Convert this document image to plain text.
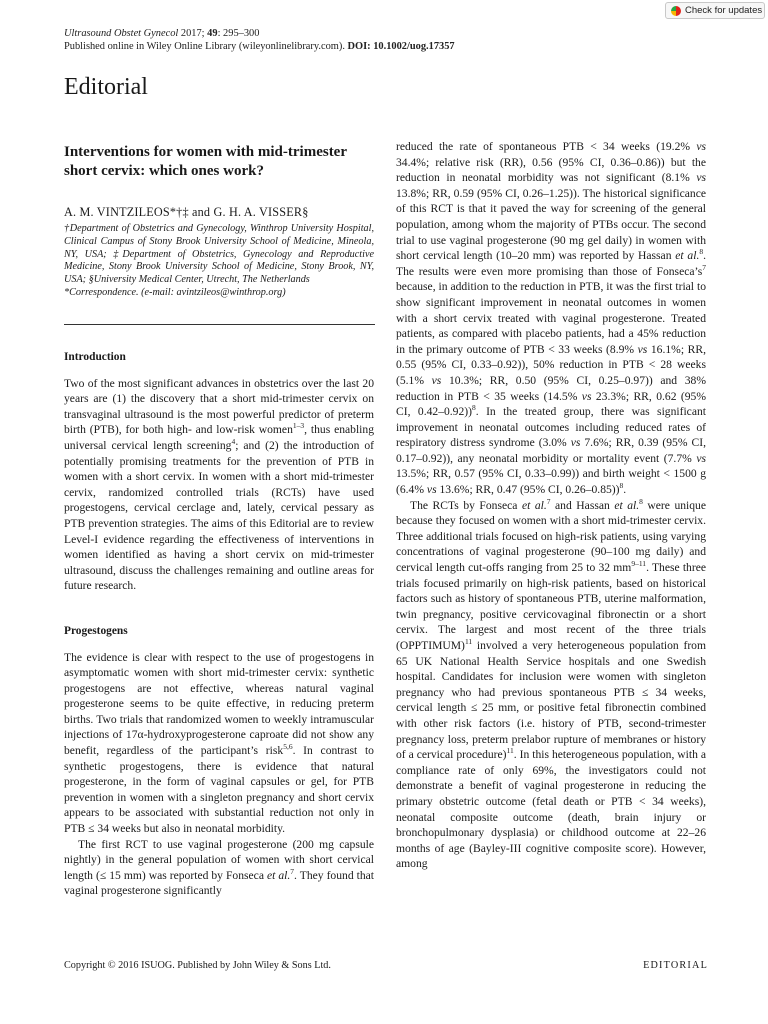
Ultrasound Obstet Gynecol 2017; 49: 295–300
Published online in Wiley Online Library (wileyonlinelibrary.com). DOI: 10.1002/uog.17357
Check for updates
Editorial
Interventions for women with mid-trimester short cervix: which ones work?
A. M. VINTZILEOS*†‡ and G. H. A. VISSER§
†Department of Obstetrics and Gynecology, Winthrop University Hospital, Clinical Campus of Stony Brook University School of Medicine, Mineola, NY, USA; ‡Department of Obstetrics, Gynecology and Reproductive Medicine, Stony Brook University School of Medicine, Stony Brook, NY, USA; §University Medical Center, Utrecht, The Netherlands
*Correspondence. (e-mail: avintzileos@winthrop.org)

Introduction

Two of the most significant advances in obstetrics over the last 20 years are (1) the discovery that a short mid-trimester cervix on transvaginal ultrasound is the most powerful predictor of preterm birth (PTB), for both high- and low-risk women$^{1-3}$, thus enabling universal cervical length screening$^4$; and (2) the introduction of potentially promising treatments for the prevention of PTB in women with a short cervix. In women with a short mid-trimester cervix, randomized controlled trials (RCTs) have used progestogens, cervical cerclage and, lately, cervical pessary as PTB prevention strategies. The aims of this Editorial are to review Level-I evidence regarding the effectiveness of interventions in women identified as having a short cervix on mid-trimester ultrasound, discuss the challenges remaining and outline areas for future research.

Progestogens

The evidence is clear with respect to the use of progestogens in asymptomatic women with short mid-trimester cervix: synthetic progestogens are not effective, whereas natural vaginal progesterone seems to be quite effective, in reducing preterm births. Two trials that randomized women to weekly intramuscular injections of 17α-hydroxyprogesterone caproate did not show any benefit, regardless of the participant’s risk$^{5,6}$. In contrast to synthetic progestogens, there is evidence that natural progesterone, in the form of vaginal capsules or gel, for PTB prevention in women with a singleton pregnancy and short cervix appears to be associated with substantial reduction not only in PTB ≤ 34 weeks but also in neonatal morbidity.

The first RCT to use vaginal progesterone (200 mg capsule nightly) in the general population of women with short cervical length (≤ 15 mm) was reported by Fonseca et al.$^7$. They found that vaginal progesterone significantly

reduced the rate of spontaneous PTB < 34 weeks (19.2% vs 34.4%; relative risk (RR), 0.56 (95% CI, 0.36–0.86)) but the reduction in neonatal morbidity was not significant (8.1% vs 13.8%; RR, 0.59 (95% CI, 0.26–1.25)). The historical significance of this RCT is that it paved the way for screening of the general population, among whom the majority of PTBs occur. The second trial to use vaginal progesterone (90 mg gel daily) in women with short cervical length (10–20 mm) was reported by Hassan et al.$^8$. The results were even more promising than those of $Fonseca’s^7$ because, in addition to the reduction in PTB, it was the first trial to show significant improvement in neonatal outcomes in women with a short cervix treated with vaginal progesterone. Treated patients, as compared with placebo patients, had a 45% reduction in the primary outcome of PTB < 33 weeks (8.9% vs 16.1%; RR, 0.55 (95% CI, 0.33–0.92)), 50% reduction in PTB < 28 weeks (5.1% vs 10.3%; RR, 0.50 (95% CI, 0.25–0.97)) and 38% reduction in PTB < 35 weeks (14.5% vs 23.3%; RR, 0.62 (95% CI, 0.42–0.92))$^8$. In the treated group, there was significant improvement in neonatal outcomes including reduced rates of respiratory distress syndrome (3.0% vs 7.6%; RR, 0.39 (95% CI, 0.17–0.92)), any neonatal morbidity or mortality event (7.7% vs 13.5%; RR, 0.57 (95% CI, 0.33–0.99)) and birth weight < 1500 g (6.4% vs 13.6%; RR, 0.47 (95% CI, 0.26–0.85))$^8$.

The RCTs by Fonseca et al.$^7$ and Hassan et al.$^8$ were unique because they focused on women with a short mid-trimester cervix. Three additional trials focused on high-risk patients, using varying concentrations of vaginal progesterone (90–100 mg daily) and cervical length cut-offs ranging from 25 to 32 $mm^{9-11}$. These three trials focused primarily on high-risk patients, based on historical factors such as history of spontaneous PTB, uterine malformation, twin pregnancy, positive cervicovaginal fibronectin or a short cervix. The largest and most recent of the three trials (OPPTIMUM)$^{11}$ involved a very heterogeneous population from 65 UK National Health Service hospitals and one Swedish hospital. Candidates for inclusion were women with singleton pregnancy who had previous spontaneous PTB ≤ 34 weeks, cervical length ≤ 25 mm, or positive fetal fibronectin combined with other risk factors (i.e. history of PTB, second-trimester pregnancy loss, preterm prelabor rupture of membranes or history of a cervical procedure)$^{11}$. In this heterogeneous population, with a compliance rate of only 69%, the investigators could not demonstrate a benefit of vaginal progesterone in reducing the primary obstetric outcome (fetal death or PTB < 34 weeks), neonatal composite outcome (death, brain injury or bronchopulmonary dysplasia) or childhood outcome at 22–26 months of age (Bayley-III cognitive composite score). However, among

Copyright © 2016 ISUOG. Published by John Wiley & Sons Ltd.	EDITORIAL
